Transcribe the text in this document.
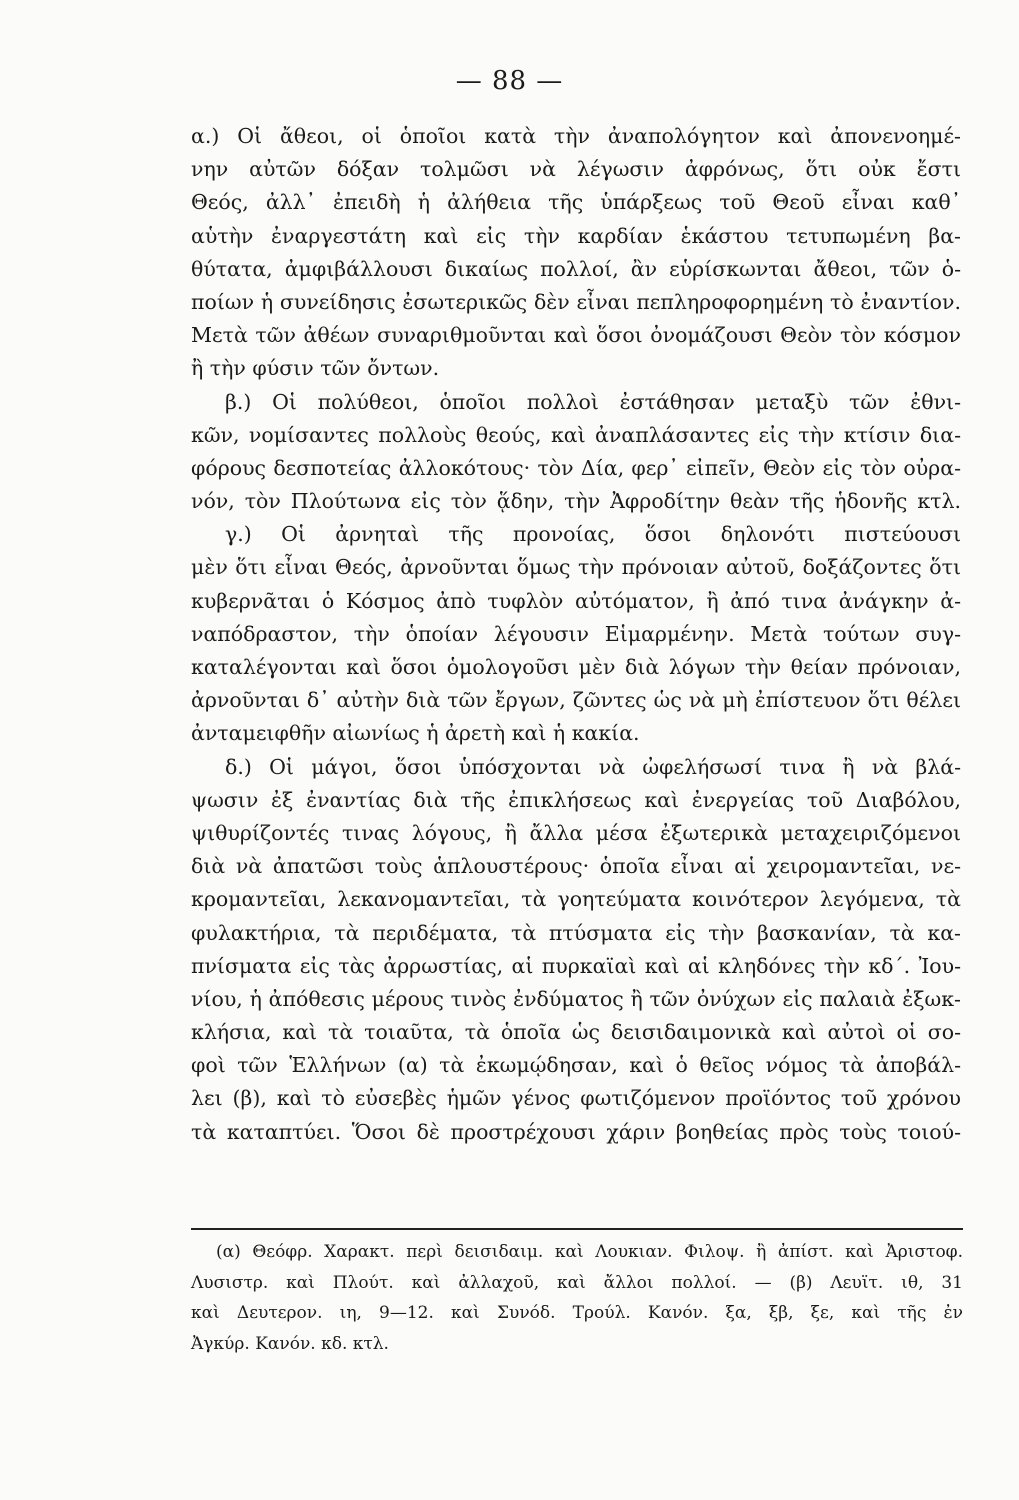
— 88 —
α.) Οἱ ἄθεοι, οἱ ὁποῖοι κατὰ τὴν ἀναπολόγητον καὶ ἀπονενοημέ-
νην αὐτῶν δόξαν τολμῶσι νὰ λέγωσιν ἀφρόνως, ὅτι οὐκ ἔστι
Θεός, ἀλλ᾽ ἐπειδὴ ἡ ἀλήθεια τῆς ὑπάρξεως τοῦ Θεοῦ εἶναι καθ᾽
αὑτὴν ἐναργεστάτη καὶ εἰς τὴν καρδίαν ἑκάστου τετυπωμένη βα-
θύτατα, ἀμφιβάλλουσι δικαίως πολλοί, ἂν εὑρίσκωνται ἄθεοι, τῶν ὁ-
ποίων ἡ συνείδησις ἐσωτερικῶς δὲν εἶναι πεπληροφορημένη τὸ ἐναντίον.
Μετὰ τῶν ἀθέων συναριθμοῦνται καὶ ὅσοι ὀνομάζουσι Θεὸν τὸν κόσμον
ἢ τὴν φύσιν τῶν ὄντων.
β.) Οἱ πολύθεοι, ὁποῖοι πολλοὶ ἐστάθησαν μεταξὺ τῶν ἐθνι-
κῶν, νομίσαντες πολλοὺς θεούς, καὶ ἀναπλάσαντες εἰς τὴν κτίσιν δια-
φόρους δεσποτείας ἀλλοκότους· τὸν Δία, φερ᾽ εἰπεῖν, Θεὸν εἰς τὸν οὐρα-
νόν, τὸν Πλούτωνα εἰς τὸν ᾅδην, τὴν Ἀφροδίτην θεὰν τῆς ἡδονῆς κτλ.
γ.) Οἱ ἀρνηταὶ τῆς προνοίας, ὅσοι δηλονότι πιστεύουσι
μὲν ὅτι εἶναι Θεός, ἀρνοῦνται ὅμως τὴν πρόνοιαν αὐτοῦ, δοξάζοντες ὅτι
κυβερνᾶται ὁ Κόσμος ἀπὸ τυφλὸν αὐτόματον, ἢ ἀπό τινα ἀνάγκην ἀ-
ναπόδραστον, τὴν ὁποίαν λέγουσιν Εἱμαρμένην. Μετὰ τούτων συγ-
καταλέγονται καὶ ὅσοι ὁμολογοῦσι μὲν διὰ λόγων τὴν θείαν πρόνοιαν,
ἀρνοῦνται δ᾽ αὐτὴν διὰ τῶν ἔργων, ζῶντες ὡς νὰ μὴ ἐπίστευον ὅτι θέλει
ἀνταμειφθῆν αἰωνίως ἡ ἀρετὴ καὶ ἡ κακία.
δ.) Οἱ μάγοι, ὅσοι ὑπόσχονται νὰ ὠφελήσωσί τινα ἢ νὰ βλά-
ψωσιν ἐξ ἐναντίας διὰ τῆς ἐπικλήσεως καὶ ἐνεργείας τοῦ Διαβόλου,
ψιθυρίζοντές τινας λόγους, ἢ ἄλλα μέσα ἐξωτερικὰ μεταχειριζόμενοι
διὰ νὰ ἀπατῶσι τοὺς ἁπλουστέρους· ὁποῖα εἶναι αἱ χειρομαντεῖαι, νε-
κρομαντεῖαι, λεκανομαντεῖαι, τὰ γοητεύματα κοινότερον λεγόμενα, τὰ
φυλακτήρια, τὰ περιδέματα, τὰ πτύσματα εἰς τὴν βασκανίαν, τὰ κα-
πνίσματα εἰς τὰς ἀρρωστίας, αἱ πυρκαϊαὶ καὶ αἱ κληδόνες τὴν κδ΄. Ἰου-
νίου, ἡ ἀπόθεσις μέρους τινὸς ἐνδύματος ἢ τῶν ὀνύχων εἰς παλαιὰ ἐξωκ-
κλήσια, καὶ τὰ τοιαῦτα, τὰ ὁποῖα ὡς δεισιδαιμονικὰ καὶ αὐτοὶ οἱ σο-
φοὶ τῶν Ἑλλήνων (α) τὰ ἐκωμῴδησαν, καὶ ὁ θεῖος νόμος τὰ ἀποβάλ-
λει (β), καὶ τὸ εὐσεβὲς ἡμῶν γένος φωτιζόμενον προϊόντος τοῦ χρόνου
τὰ καταπτύει. Ὅσοι δὲ προστρέχουσι χάριν βοηθείας πρὸς τοὺς τοιού-
(α) Θεόφρ. Χαρακτ. περὶ δεισιδαιμ. καὶ Λουκιαν. Φιλοψ. ἢ ἀπίστ. καὶ Ἀριστοφ.
Λυσιστρ. καὶ Πλούτ. καὶ ἀλλαχοῦ, καὶ ἄλλοι πολλοί. — (β) Λευϊτ. ιθ, 31
καὶ Δευτερον. ιη, 9—12. καὶ Συνόδ. Τρούλ. Κανόν. ξα, ξβ, ξε, καὶ τῆς ἐν
Ἀγκύρ. Κανόν. κδ. κτλ.
